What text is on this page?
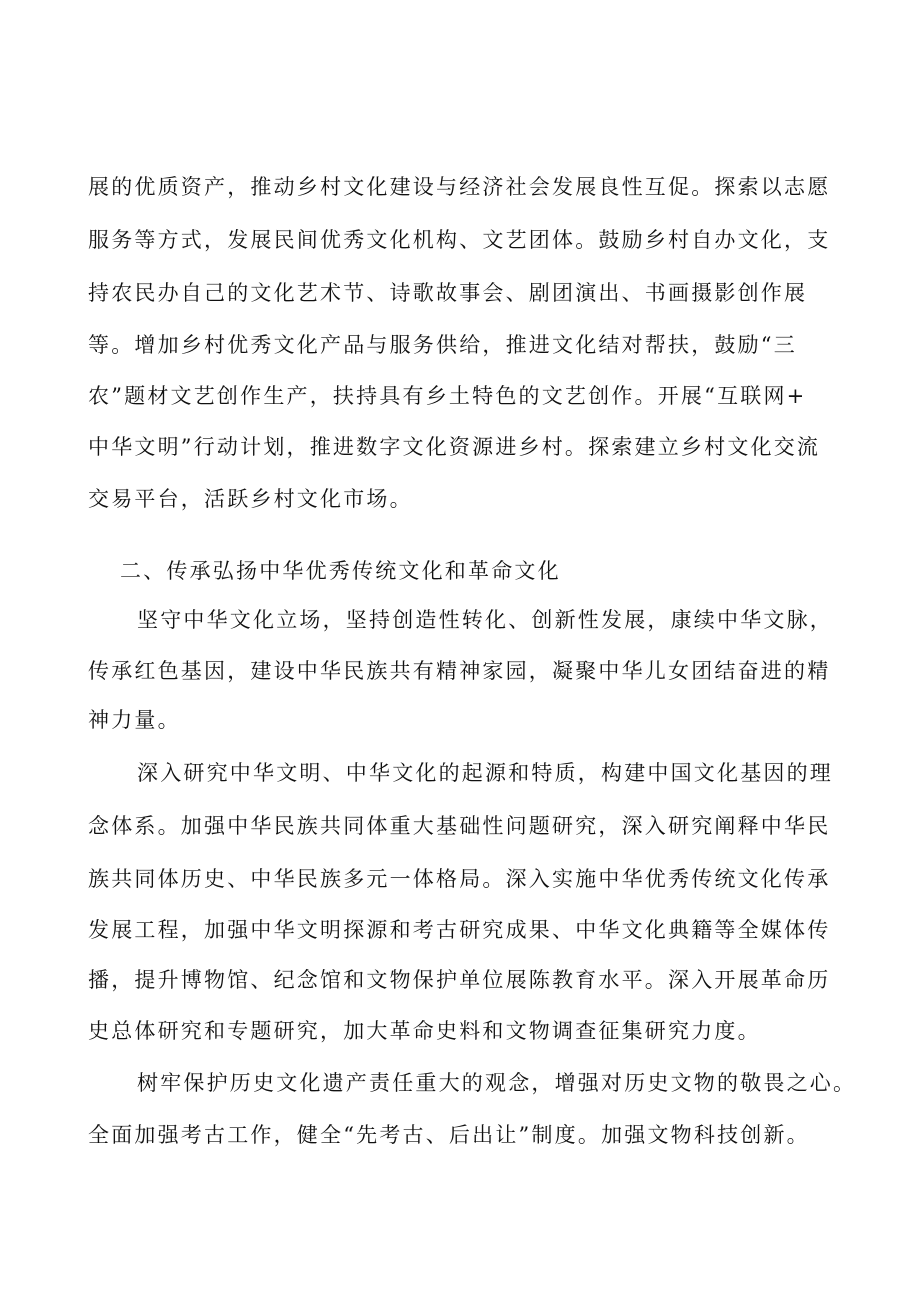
展的优质资产，推动乡村文化建设与经济社会发展良性互促。探索以志愿
服务等方式，发展民间优秀文化机构、文艺团体。鼓励乡村自办文化，支
持农民办自己的文化艺术节、诗歌故事会、剧团演出、书画摄影创作展
等。增加乡村优秀文化产品与服务供给，推进文化结对帮扶，鼓励“三
农”题材文艺创作生产，扶持具有乡土特色的文艺创作。开展“互联网+
中华文明”行动计划，推进数字文化资源进乡村。探索建立乡村文化交流
交易平台，活跃乡村文化市场。
二、传承弘扬中华优秀传统文化和革命文化
坚守中华文化立场，坚持创造性转化、创新性发展，康续中华文脉，
传承红色基因，建设中华民族共有精神家园，凝聚中华儿女团结奋进的精
神力量。
深入研究中华文明、中华文化的起源和特质，构建中国文化基因的理
念体系。加强中华民族共同体重大基础性问题研究，深入研究阐释中华民
族共同体历史、中华民族多元一体格局。深入实施中华优秀传统文化传承
发展工程，加强中华文明探源和考古研究成果、中华文化典籍等全媒体传
播，提升博物馆、纪念馆和文物保护单位展陈教育水平。深入开展革命历
史总体研究和专题研究，加大革命史料和文物调查征集研究力度。
树牢保护历史文化遗产责任重大的观念，增强对历史文物的敬畏之心。
全面加强考古工作，健全“先考古、后出让”制度。加强文物科技创新。
